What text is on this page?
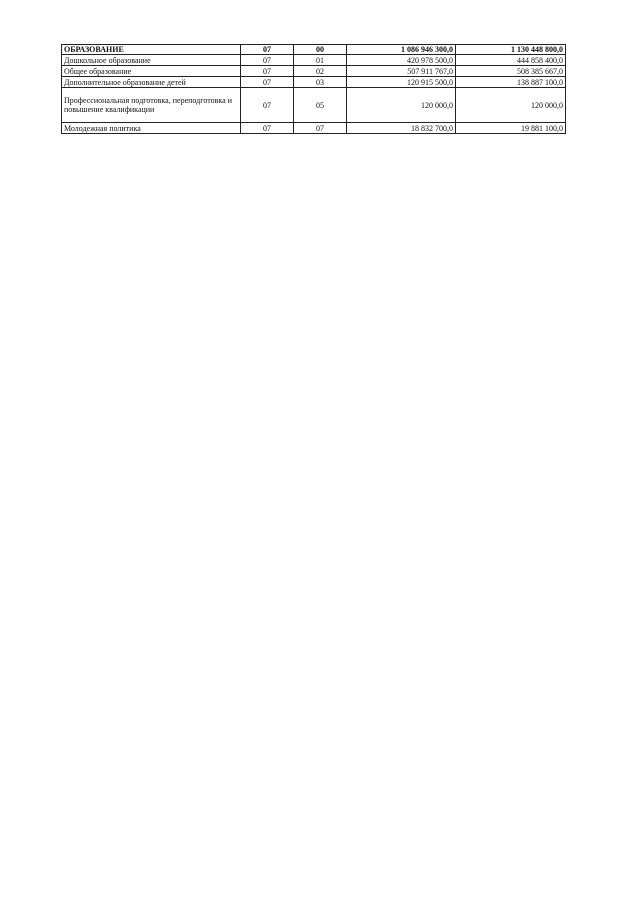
ОБРАЗОВАНИЕ	07	00	1 086 946 300,0	1 130 448 800,0
Дошкольное образование	07	01	420 978 500,0	444 858 400,0
Общее образование	07	02	507 911 767,0	508 385 667,0
Дополнительное образование детей	07	03	120 915 500,0	138 887 100,0
Профессиональная подготовка, переподготовка и повышение квалификации	07	05	120 000,0	120 000,0
Молодежная политика	07	07	18 832 700,0	19 881 100,0
